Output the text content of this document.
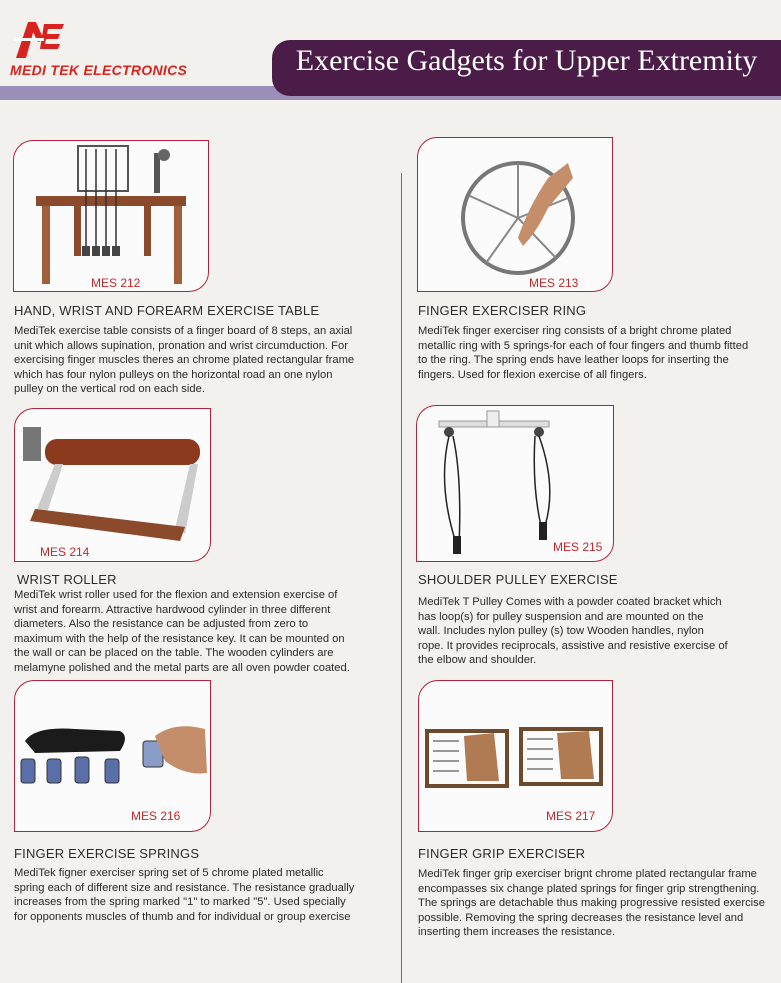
MEDI TEK ELECTRONICS	Exercise Gadgets for Upper Extremity
MES 212
HAND, WRIST AND FOREARM EXERCISE TABLE
MediTek exercise table consists of a finger board of 8 steps, an axial
unit which allows supination, pronation and wrist circumduction. For
exercising finger muscles theres an chrome plated rectangular frame
which has four nylon pulleys on the horizontal road an one nylon
pulley on the vertical rod on each side.
MES 213
FINGER EXERCISER RING
MediTek finger exerciser ring consists of a bright chrome plated
metallic ring with 5 springs-for each of four fingers and thumb fitted
to the ring. The spring ends have leather loops for inserting the
fingers. Used for flexion exercise of all fingers.
MES 214
WRIST ROLLER
MediTek wrist roller used for the flexion and extension exercise of
wrist and forearm. Attractive hardwood cylinder in three different
diameters. Also the resistance can be adjusted from zero to
maximum with the help of the resistance key. It can be mounted on
the wall or can be placed on the table. The wooden cylinders are
melamyne polished and the metal parts are all oven powder coated.
MES 215
SHOULDER PULLEY EXERCISE
MediTek T Pulley Comes with a powder coated bracket which
has loop(s) for pulley suspension and are mounted on the
wall. Includes nylon pulley (s) tow Wooden handles, nylon
rope. It provides reciprocals, assistive and resistive exercise of
the elbow and shoulder.
MES 216
FINGER EXERCISE SPRINGS
MediTek figner exerciser spring set of 5 chrome plated metallic
spring each of different size and resistance. The resistance gradually
increases from the spring marked "1" to marked "5". Used specially
for opponents muscles of thumb and for individual or group exercise
MES 217
FINGER GRIP EXERCISER
MediTek finger grip exerciser brignt chrome plated rectangular frame
encompasses six change plated springs for finger grip strengthening.
The springs are detachable thus making progressive resisted exercise
possible. Removing the spring decreases the resistance level and
inserting them increases the resistance.
